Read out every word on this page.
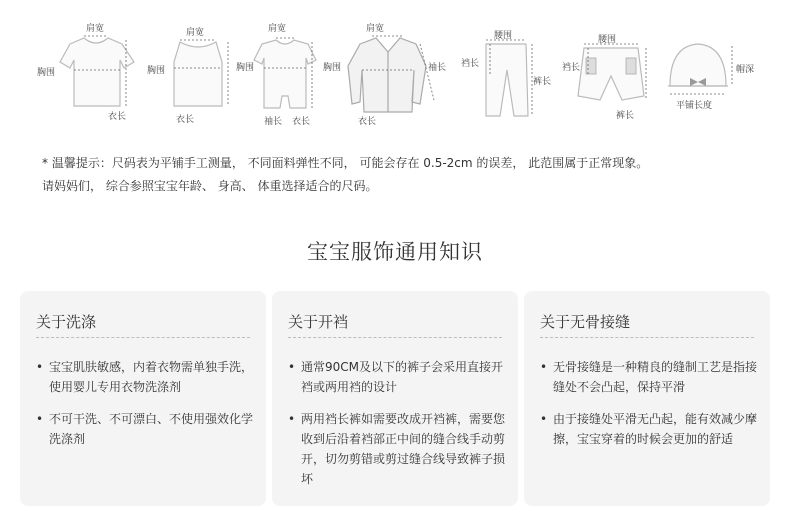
肩宽
胸围
衣长
肩宽
胸围
衣长
肩宽
胸围
袖长 衣长
肩宽
胸围	袖长
衣长
腰围
裆长
裤长
腰围
裆长
裤长
帽深
平铺长度

* 温馨提示：尺码表为平铺手工测量， 不同面料弹性不同， 可能会存在 0.5-2cm 的误差， 此范围属于正常现象。

请妈妈们， 综合参照宝宝年龄、 身高、 体重选择适合的尺码。

宝宝服饰通用知识
关于洗涤
• 宝宝肌肤敏感，内着衣物需单独手洗，使用婴儿专用衣物洗涤剂
• 不可干洗、不可漂白、不使用强效化学洗涤剂
关于开裆
• 通常90CM及以下的裤子会采用直接开裆或两用裆的设计
• 两用裆长裤如需要改成开裆裤，需要您收到后沿着裆部正中间的缝合线手动剪开，切勿剪错或剪过缝合线导致裤子损坏
关于无骨接缝
• 无骨接缝是一种精良的缝制工艺是指接缝处不会凸起，保持平滑
• 由于接缝处平滑无凸起，能有效减少摩擦，宝宝穿着的时候会更加的舒适
